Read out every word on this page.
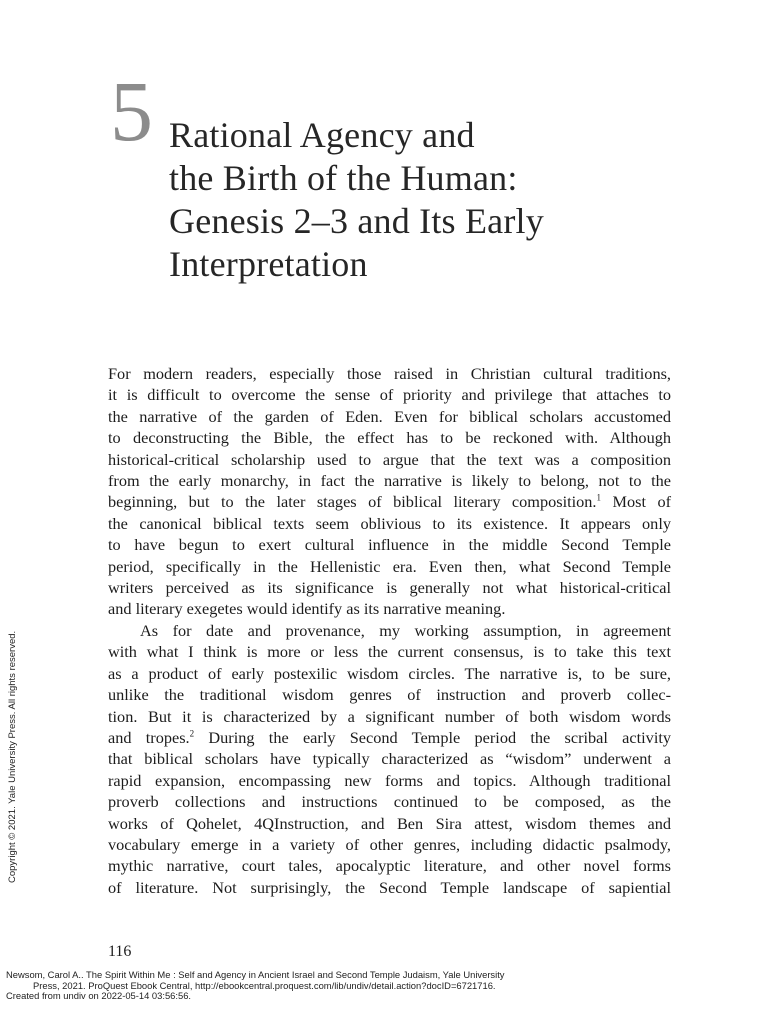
5 Rational Agency and
the Birth of the Human:
Genesis 2–3 and Its Early
Interpretation

For modern readers, especially those raised in Christian cultural traditions,
it is difficult to overcome the sense of priority and privilege that attaches to
the narrative of the garden of Eden. Even for biblical scholars accustomed
to deconstructing the Bible, the effect has to be reckoned with. Although
historical-critical scholarship used to argue that the text was a composition
from the early monarchy, in fact the narrative is likely to belong, not to the
beginning, but to the later stages of biblical literary composition.$^1$ Most of
the canonical biblical texts seem oblivious to its existence. It appears only
to have begun to exert cultural influence in the middle Second Temple
period, specifically in the Hellenistic era. Even then, what Second Temple
writers perceived as its significance is generally not what historical-critical
and literary exegetes would identify as its narrative meaning.

As for date and provenance, my working assumption, in agreement
with what I think is more or less the current consensus, is to take this text
as a product of early postexilic wisdom circles. The narrative is, to be sure,
unlike the traditional wisdom genres of instruction and proverb collec-
tion. But it is characterized by a significant number of both wisdom words
and tropes.$^2$ During the early Second Temple period the scribal activity
that biblical scholars have typically characterized as “wisdom” underwent a
rapid expansion, encompassing new forms and topics. Although traditional
proverb collections and instructions continued to be composed, as the
works of Qohelet, 4QInstruction, and Ben Sira attest, wisdom themes and
vocabulary emerge in a variety of other genres, including didactic psalmody,
mythic narrative, court tales, apocalyptic literature, and other novel forms
of literature. Not surprisingly, the Second Temple landscape of sapiential

116
Copyright © 2021. Yale University Press. All rights reserved.
Newsom, Carol A.. The Spirit Within Me : Self and Agency in Ancient Israel and Second Temple Judaism, Yale University
Press, 2021. ProQuest Ebook Central, http://ebookcentral.proquest.com/lib/undiv/detail.action?docID=6721716.
Created from undiv on 2022-05-14 03:56:56.
